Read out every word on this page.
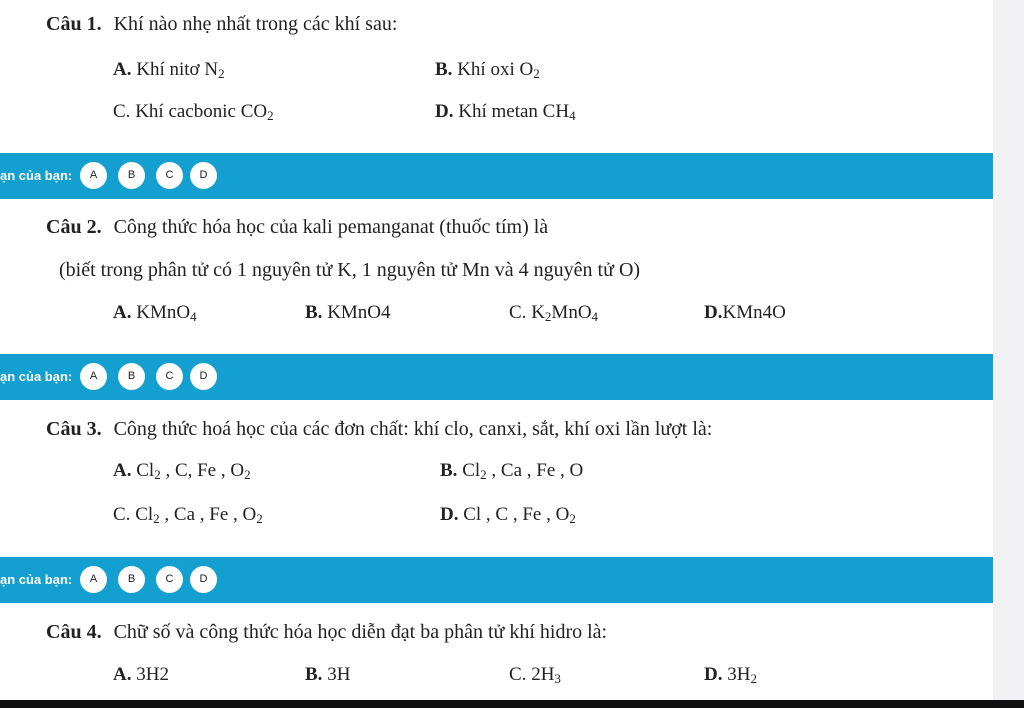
Câu 1. Khí nào nhẹ nhất trong các khí sau:
A. Khí nitơ $N_2$	B. Khí oxi $O_2$
C. Khí cacbonic $CO_2$	D. Khí metan $CH_4$
ạn của bạn:	A	B	C	D
Câu 2. Công thức hóa học của kali pemanganat (thuốc tím) là
(biết trong phân tử có 1 nguyên tử K, 1 nguyên tử Mn và 4 nguyên tử O)
A. KMnO$_4$	B. KMnO4	C. $K_2MnO_4$	D.KMn4O
ạn của bạn:	A	B	C	D
Câu 3. Công thức hoá học của các đơn chất: khí clo, canxi, sắt, khí oxi lần lượt là:
A. $Cl_2$ , C, Fe , $O_2$	B. $Cl_2$ , Ca , Fe , O
C. $Cl_2$ , Ca , Fe , $O_2$	D. Cl , C , Fe , $O_2$
ạn của bạn:	A	B	C	D
Câu 4. Chữ số và công thức hóa học diễn đạt ba phân tử khí hidro là:
A. 3H2	B. 3H	C. $2H_3$	D. $3H_2$
